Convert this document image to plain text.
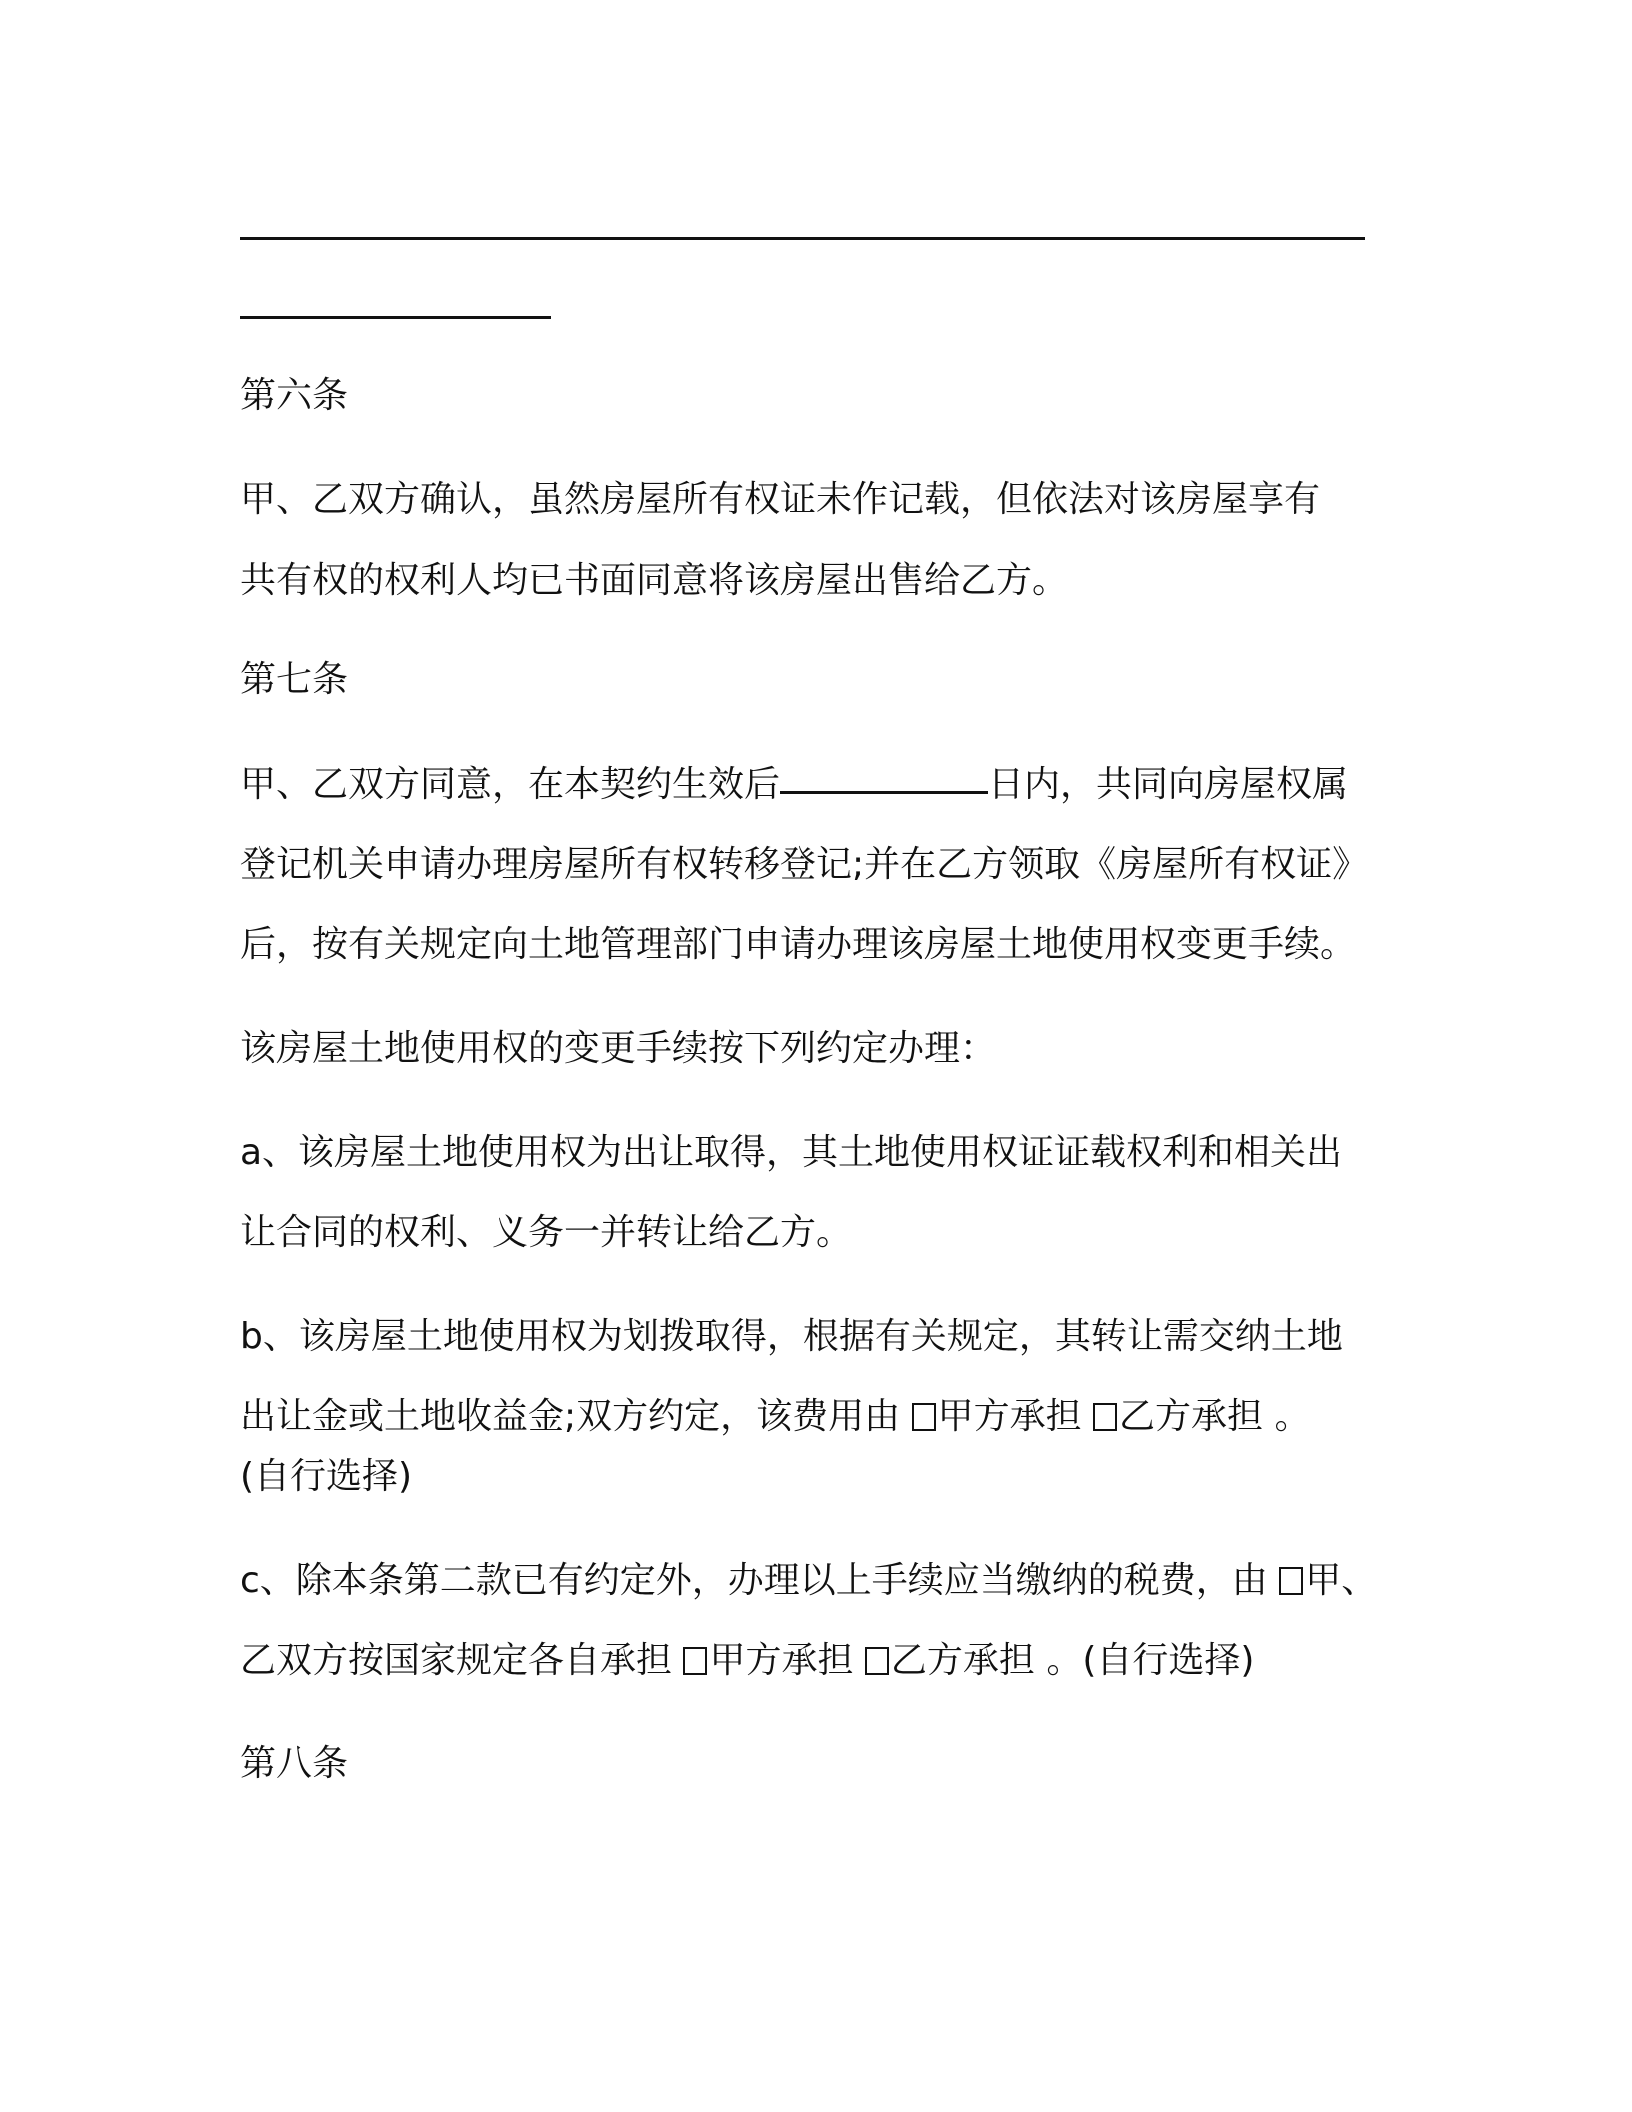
第六条
甲、乙双方确认，虽然房屋所有权证未作记载，但依法对该房屋享有
共有权的权利人均已书面同意将该房屋出售给乙方。
第七条
甲、乙双方同意，在本契约生效后	日内，共同向房屋权属
登记机关申请办理房屋所有权转移登记;并在乙方领取《房屋所有权证》
后，按有关规定向土地管理部门申请办理该房屋土地使用权变更手续。
该房屋土地使用权的变更手续按下列约定办理：
a、该房屋土地使用权为出让取得，其土地使用权证证载权利和相关出
让合同的权利、义务一并转让给乙方。
b、该房屋土地使用权为划拨取得，根据有关规定，其转让需交纳土地
出让金或土地收益金;双方约定，该费用由 甲方承担 乙方承担 。
(自行选择)
c、除本条第二款已有约定外，办理以上手续应当缴纳的税费，由 甲、
乙双方按国家规定各自承担 甲方承担 乙方承担 。(自行选择)
第八条
